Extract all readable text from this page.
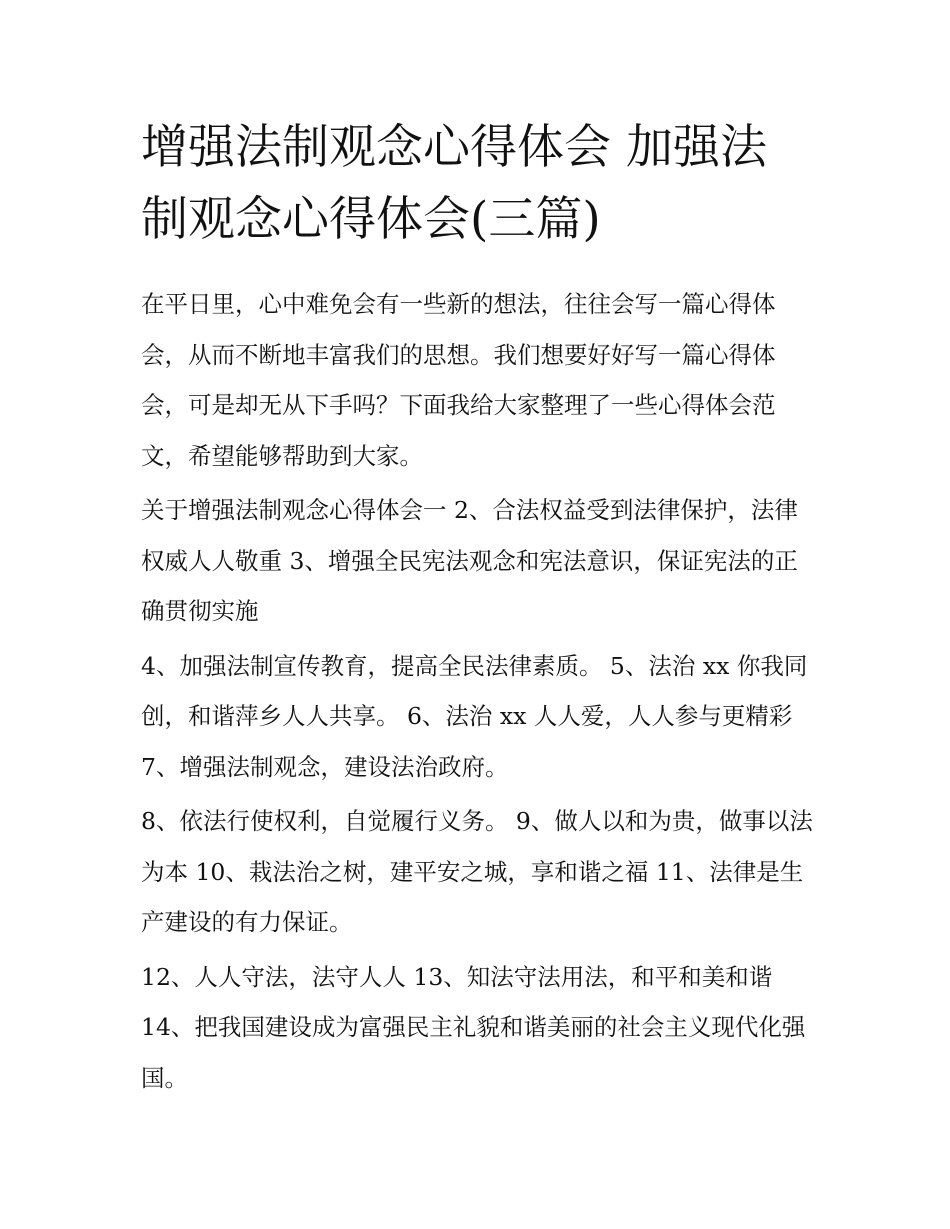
增强法制观念心得体会 加强法制观念心得体会(三篇)

在平日里，心中难免会有一些新的想法，往往会写一篇心得体会，从而不断地丰富我们的思想。我们想要好好写一篇心得体会，可是却无从下手吗？下面我给大家整理了一些心得体会范文，希望能够帮助到大家。

关于增强法制观念心得体会一 2、合法权益受到法律保护，法律权威人人敬重 3、增强全民宪法观念和宪法意识，保证宪法的正确贯彻实施

4、加强法制宣传教育，提高全民法律素质。 5、法治 xx 你我同创，和谐萍乡人人共享。 6、法治 xx 人人爱，人人参与更精彩 7、增强法制观念，建设法治政府。

8、依法行使权利，自觉履行义务。 9、做人以和为贵，做事以法为本 10、栽法治之树，建平安之城，享和谐之福 11、法律是生产建设的有力保证。

12、人人守法，法守人人 13、知法守法用法，和平和美和谐 14、把我国建设成为富强民主礼貌和谐美丽的社会主义现代化强国。
